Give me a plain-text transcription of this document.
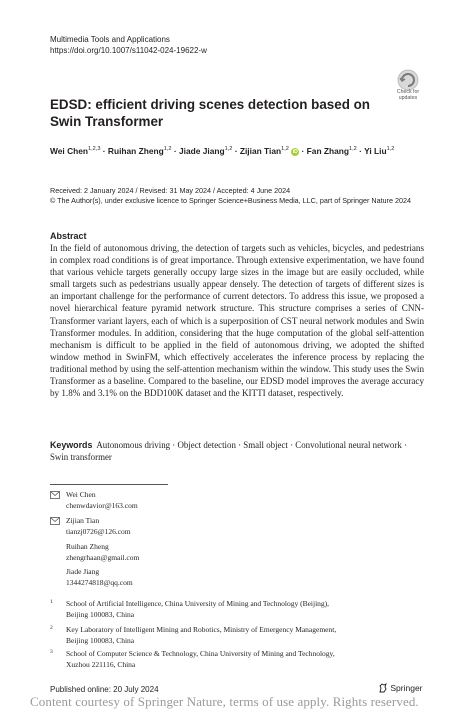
Multimedia Tools and Applications
https://doi.org/10.1007/s11042-024-19622-w
Check for
updates
EDSD: efficient driving scenes detection based on Swin Transformer
Wei Chen$^{1,2,3}$ · Ruihan Zheng$^{1,2}$ · Jiade Jiang$^{1,2}$ · Zijian Tian$^{1,2}$ iD · Fan Zhang$^{1,2}$ · Yi Liu$^{1,2}$
Received: 2 January 2024 / Revised: 31 May 2024 / Accepted: 4 June 2024
© The Author(s), under exclusive licence to Springer Science+Business Media, LLC, part of Springer Nature 2024
Abstract

In the field of autonomous driving, the detection of targets such as vehicles, bicycles, and pedestrians in complex road conditions is of great importance. Through extensive experimentation, we have found that various vehicle targets generally occupy large sizes in the image but are easily occluded, while small targets such as pedestrians usually appear densely. The detection of targets of different sizes is an important challenge for the performance of current detectors. To address this issue, we proposed a novel hierarchical feature pyramid network structure. This structure comprises a series of CNN-Transformer variant layers, each of which is a superposition of CST neural network modules and Swin Transformer modules. In addition, considering that the huge computation of the global self-attention mechanism is difficult to be applied in the field of autonomous driving, we adopted the shifted window method in SwinFM, which effectively accelerates the inference process by replacing the traditional method by using the self-attention mechanism within the window. This study uses the Swin Transformer as a baseline. Compared to the baseline, our EDSD model improves the average accuracy by 1.8% and 3.1% on the BDD100K dataset and the KITTI dataset, respectively.

Keywords Autonomous driving · Object detection · Small object · Convolutional neural network · Swin transformer
Wei Chen
chenwdavior@163.com
Zijian Tian
tianzj0726@126.com
Ruihan Zheng
zhengrhaan@gmail.com
Jiade Jiang
1344274818@qq.com
1 School of Artificial Intelligence, China University of Mining and Technology (Beijing),
Beijing 100083, China
2 Key Laboratory of Intelligent Mining and Robotics, Ministry of Emergency Management,
Beijing 100083, China
3 School of Computer Science & Technology, China University of Mining and Technology,
Xuzhou 221116, China
Published online: 20 July 2024	Springer
Content courtesy of Springer Nature, terms of use apply. Rights reserved.
